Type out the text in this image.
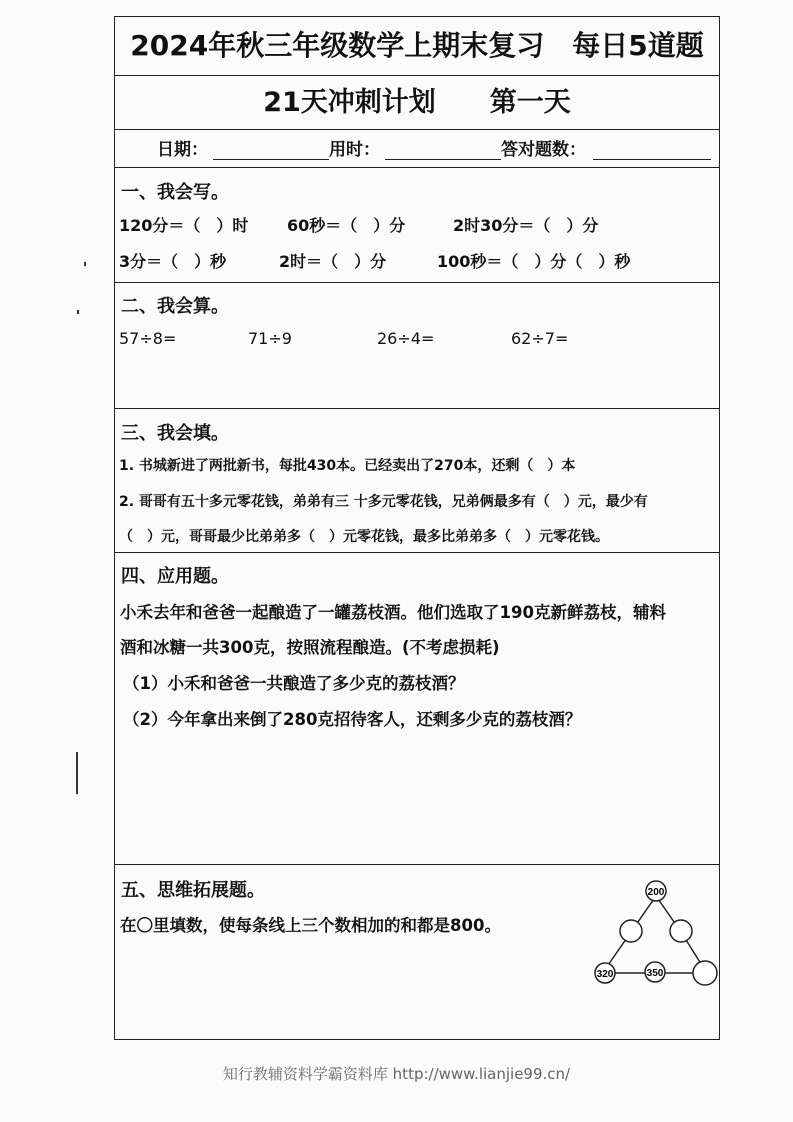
2024年秋三年级数学上期末复习　每日5道题
21天冲刺计划　　第一天
日期：	用时：	答对题数：
一、我会写。
120分＝（　）时 60秒＝（　）分	2时30分＝（　）分
3分＝（　）秒	2时＝（　）分	100秒＝（　）分（　）秒
二、我会算。
57÷8=	71÷9	26÷4=	62÷7=
三、我会填。
1. 书城新进了两批新书，每批430本。已经卖出了270本，还剩（　）本
2. 哥哥有五十多元零花钱，弟弟有三 十多元零花钱，兄弟俩最多有（　）元，最少有
（　）元，哥哥最少比弟弟多（　）元零花钱，最多比弟弟多（　）元零花钱。
四、应用题。
小禾去年和爸爸一起酿造了一罐荔枝酒。他们选取了190克新鲜荔枝，辅料
酒和冰糖一共300克，按照流程酿造。(不考虑损耗)
（1）小禾和爸爸一共酿造了多少克的荔枝酒？
（2）今年拿出来倒了280克招待客人，还剩多少克的荔枝酒？
五、思维拓展题。
在〇里填数，使每条线上三个数相加的和都是800。
200
320	350
知行教辅资料学霸资料库 http://www.lianjie99.cn/
